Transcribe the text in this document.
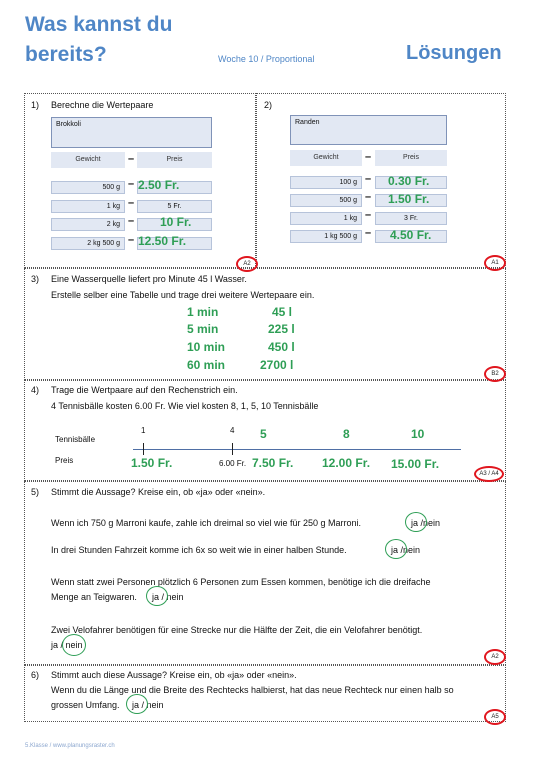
Was kannst du
bereits?	Woche 10 / Proportional	Lösungen
1) Berechne die Wertepaare
Brokkoli
Gewicht	–	Preis
500 g – 2.50 Fr.
1 kg –	5 Fr.
2 kg – 10 Fr.
2 kg 500 g – 12.50 Fr.
A2
2)
Randen
Gewicht	–	Preis
100 g – 0.30 Fr.
500 g – 1.50 Fr.
1 kg –	3 Fr.
1 kg 500 g – 4.50 Fr.
A1
3) Eine Wasserquelle liefert pro Minute 45 l Wasser.
Erstelle selber eine Tabelle und trage drei weitere Wertepaare ein.
1 min	45 l
5 min	225 l
10 min	450 l
60 min	2700 l
B2
4) Trage die Wertpaare auf den Rechenstrich ein.
4 Tennisbälle kosten 6.00 Fr. Wie viel kosten 8, 1, 5, 10 Tennisbälle
Tennisbälle
Preis
1	4 5	8	10
1.50 Fr.	6.00 Fr. 7.50 Fr. 12.00 Fr. 15.00 Fr.
A3 / A4
5) Stimmt die Aussage? Kreise ein, ob «ja» oder «nein».
Wenn ich 750 g Marroni kaufe, zahle ich dreimal so viel wie für 250 g Marroni.	ja /nein
In drei Stunden Fahrzeit komme ich 6x so weit wie in einer halben Stunde.	ja /nein
Wenn statt zwei Personen plötzlich 6 Personen zum Essen kommen, benötige ich die dreifache
Menge an Teigwaren. ja / nein
Zwei Velofahrer benötigen für eine Strecke nur die Hälfte der Zeit, die ein Velofahrer benötigt.
ja / nein
A2
6) Stimmt auch diese Aussage? Kreise ein, ob «ja» oder «nein».
Wenn du die Länge und die Breite des Rechtecks halbierst, hat das neue Rechteck nur einen halb so
grossen Umfang. ja / nein
A5
5.Klasse / www.planungsraster.ch
